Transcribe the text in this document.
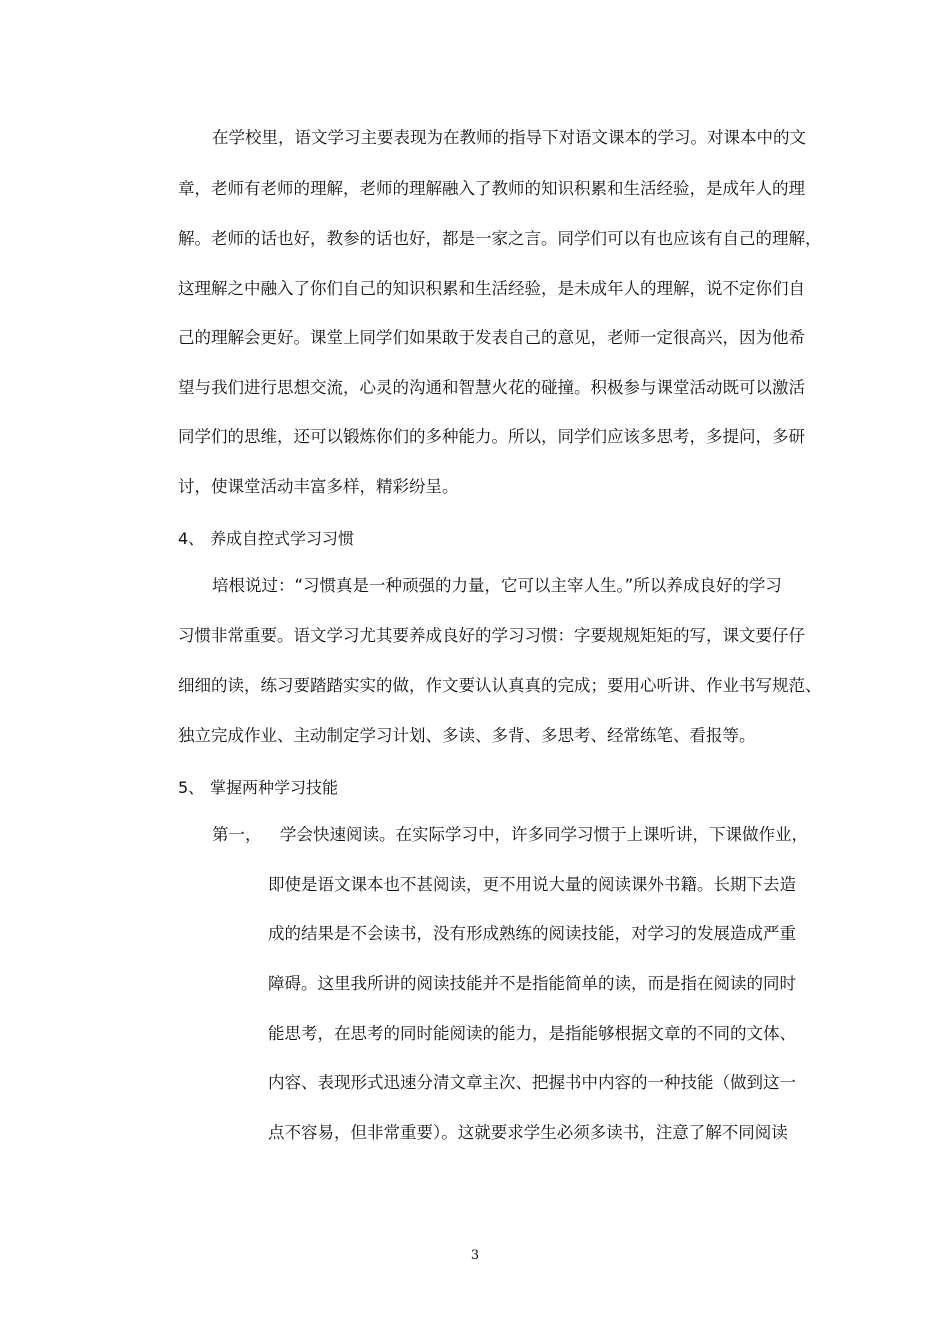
在学校里，语文学习主要表现为在教师的指导下对语文课本的学习。对课本中的文
章，老师有老师的理解，老师的理解融入了教师的知识积累和生活经验，是成年人的理
解。老师的话也好，教参的话也好，都是一家之言。同学们可以有也应该有自己的理解，
这理解之中融入了你们自己的知识积累和生活经验，是未成年人的理解，说不定你们自
己的理解会更好。课堂上同学们如果敢于发表自己的意见，老师一定很高兴，因为他希
望与我们进行思想交流，心灵的沟通和智慧火花的碰撞。积极参与课堂活动既可以激活
同学们的思维，还可以锻炼你们的多种能力。所以，同学们应该多思考，多提问，多研
讨，使课堂活动丰富多样，精彩纷呈。
4、 养成自控式学习习惯
培根说过：“习惯真是一种顽强的力量，它可以主宰人生。”所以养成良好的学习
习惯非常重要。语文学习尤其要养成良好的学习习惯：字要规规矩矩的写，课文要仔仔
细细的读，练习要踏踏实实的做，作文要认认真真的完成；要用心听讲、作业书写规范、
独立完成作业、主动制定学习计划、多读、多背、多思考、经常练笔、看报等。
5、 掌握两种学习技能
第一， 学会快速阅读。在实际学习中，许多同学习惯于上课听讲，下课做作业，
即使是语文课本也不甚阅读，更不用说大量的阅读课外书籍。长期下去造
成的结果是不会读书，没有形成熟练的阅读技能，对学习的发展造成严重
障碍。这里我所讲的阅读技能并不是指能简单的读，而是指在阅读的同时
能思考，在思考的同时能阅读的能力，是指能够根据文章的不同的文体、
内容、表现形式迅速分清文章主次、把握书中内容的一种技能（做到这一
点不容易，但非常重要）。这就要求学生必须多读书，注意了解不同阅读
3
